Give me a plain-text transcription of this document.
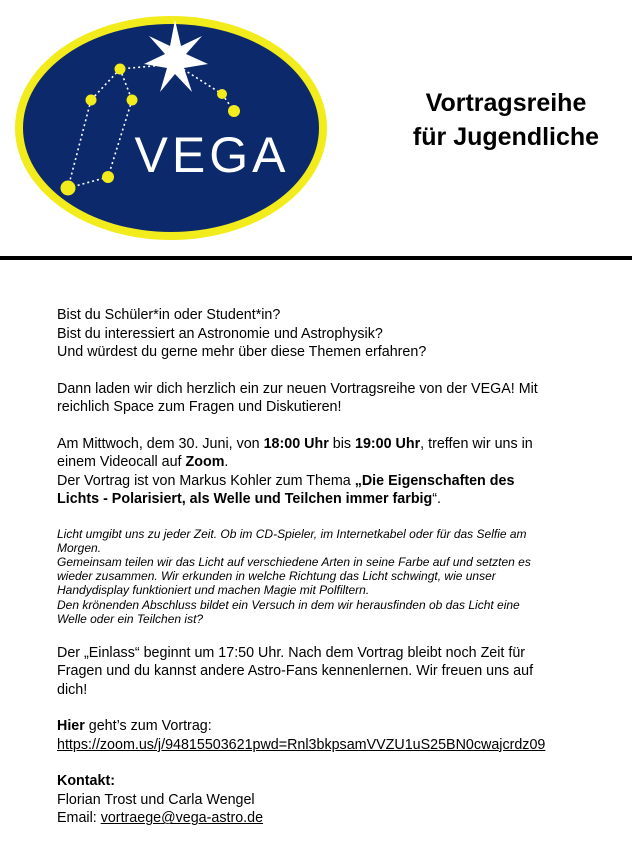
VEGA
Vortragsreihe
für Jugendliche

Bist du Schüler*in oder Student*in?
Bist du interessiert an Astronomie und Astrophysik?
Und würdest du gerne mehr über diese Themen erfahren?

Dann laden wir dich herzlich ein zur neuen Vortragsreihe von der VEGA! Mit
reichlich Space zum Fragen und Diskutieren!

Am Mittwoch, dem 30. Juni, von 18:00 Uhr bis 19:00 Uhr, treffen wir uns in
einem Videocall auf Zoom.
Der Vortrag ist von Markus Kohler zum Thema „Die Eigenschaften des
Lichts - Polarisiert, als Welle und Teilchen immer farbig“.

Licht umgibt uns zu jeder Zeit. Ob im CD-Spieler, im Internetkabel oder für das Selfie am
Morgen.
Gemeinsam teilen wir das Licht auf verschiedene Arten in seine Farbe auf und setzten es
wieder zusammen. Wir erkunden in welche Richtung das Licht schwingt, wie unser
Handydisplay funktioniert und machen Magie mit Polfiltern.
Den krönenden Abschluss bildet ein Versuch in dem wir herausfinden ob das Licht eine
Welle oder ein Teilchen ist?

Der „Einlass“ beginnt um 17:50 Uhr. Nach dem Vortrag bleibt noch Zeit für
Fragen und du kannst andere Astro-Fans kennenlernen. Wir freuen uns auf
dich!

Hier geht’s zum Vortrag:
https://zoom.us/j/94815503621pwd=Rnl3bkpsamVVZU1uS25BN0cwajcrdz09

Kontakt:
Florian Trost und Carla Wengel
Email: vortraege@vega-astro.de
